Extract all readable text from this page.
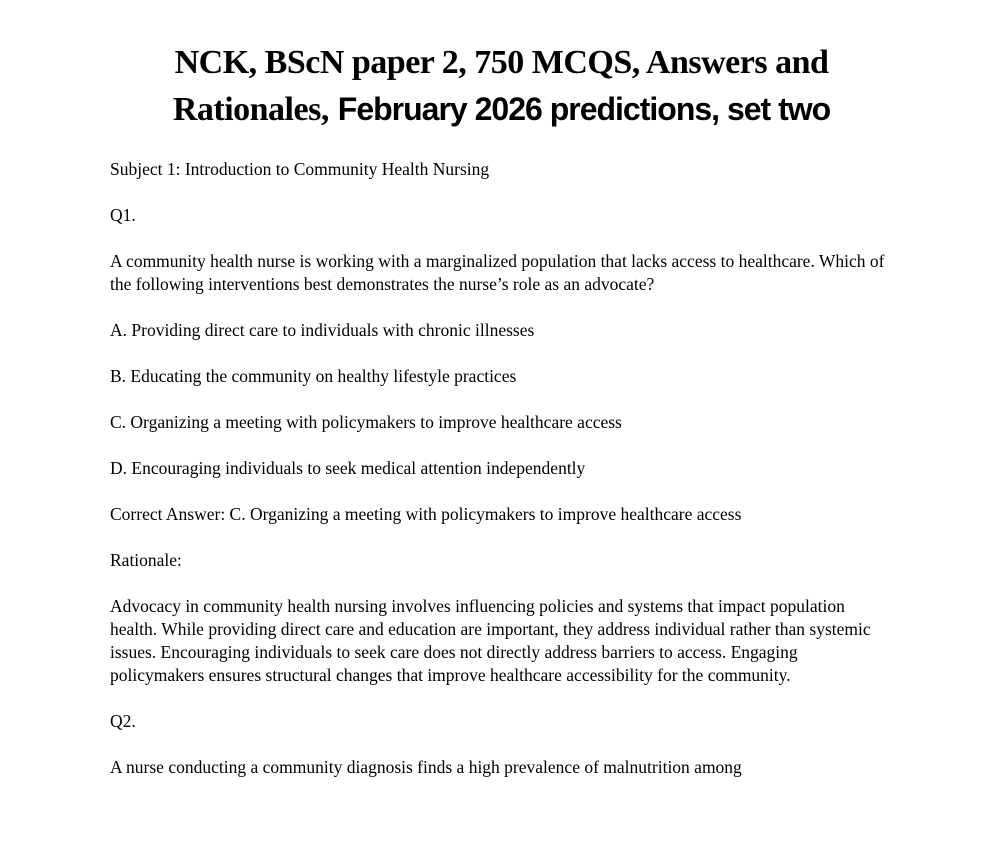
NCK, BScN paper 2, 750 MCQS, Answers and
Rationales, February 2026 predictions, set two

Subject 1: Introduction to Community Health Nursing

Q1.

A community health nurse is working with a marginalized population that lacks access to healthcare. Which of the following interventions best demonstrates the nurse’s role as an advocate?

A. Providing direct care to individuals with chronic illnesses

B. Educating the community on healthy lifestyle practices

C. Organizing a meeting with policymakers to improve healthcare access

D. Encouraging individuals to seek medical attention independently

Correct Answer: C. Organizing a meeting with policymakers to improve healthcare access

Rationale:

Advocacy in community health nursing involves influencing policies and systems that impact population health. While providing direct care and education are important, they address individual rather than systemic issues. Encouraging individuals to seek care does not directly address barriers to access. Engaging policymakers ensures structural changes that improve healthcare accessibility for the community.

Q2.

A nurse conducting a community diagnosis finds a high prevalence of malnutrition among
